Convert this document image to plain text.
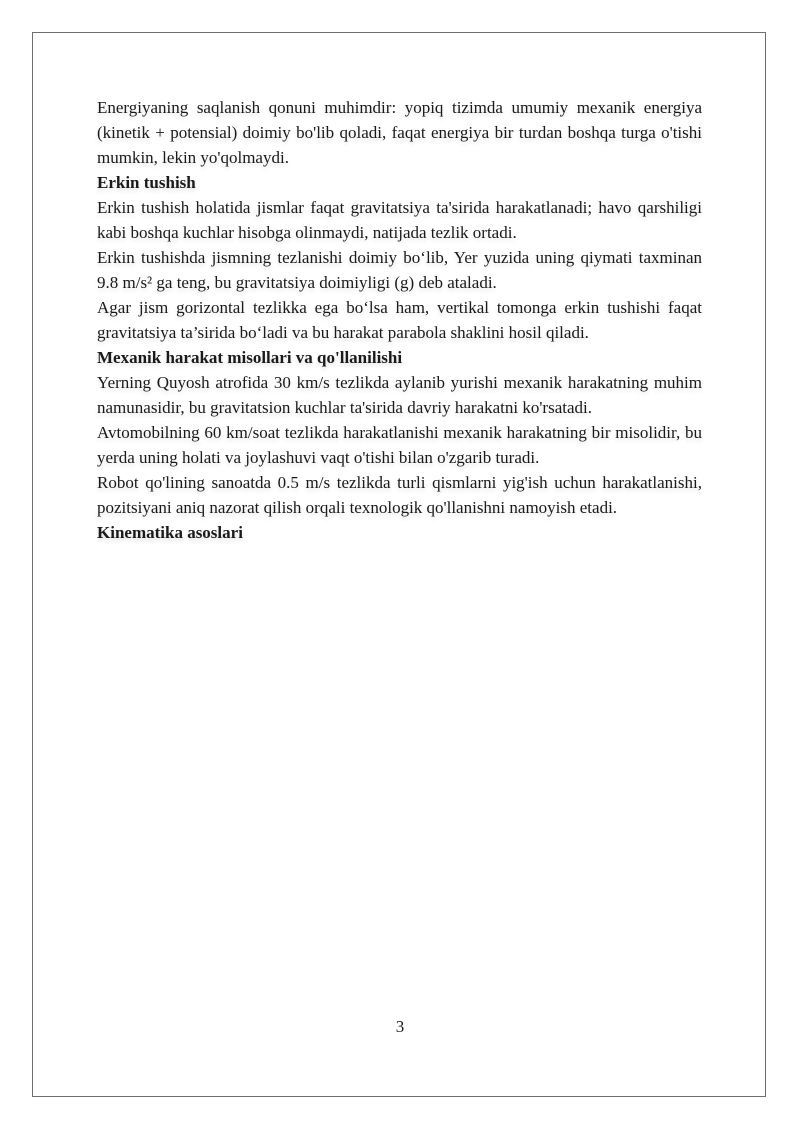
Energiyaning saqlanish qonuni muhimdir: yopiq tizimda umumiy mexanik energiya (kinetik + potensial) doimiy bo'lib qoladi, faqat energiya bir turdan boshqa turga o'tishi mumkin, lekin yo'qolmaydi.

Erkin tushish

Erkin tushish holatida jismlar faqat gravitatsiya ta'sirida harakatlanadi; havo qarshiligi kabi boshqa kuchlar hisobga olinmaydi, natijada tezlik ortadi.

Erkin tushishda jismning tezlanishi doimiy bo‘lib, Yer yuzida uning qiymati taxminan 9.8 m/s² ga teng, bu gravitatsiya doimiyligi (g) deb ataladi.

Agar jism gorizontal tezlikka ega bo‘lsa ham, vertikal tomonga erkin tushishi faqat gravitatsiya ta’sirida bo‘ladi va bu harakat parabola shaklini hosil qiladi.

Mexanik harakat misollari va qo'llanilishi

Yerning Quyosh atrofida 30 km/s tezlikda aylanib yurishi mexanik harakatning muhim namunasidir, bu gravitatsion kuchlar ta'sirida davriy harakatni ko'rsatadi.

Avtomobilning 60 km/soat tezlikda harakatlanishi mexanik harakatning bir misolidir, bu yerda uning holati va joylashuvi vaqt o'tishi bilan o'zgarib turadi.

Robot qo'lining sanoatda 0.5 m/s tezlikda turli qismlarni yig'ish uchun harakatlanishi, pozitsiyani aniq nazorat qilish orqali texnologik qo'llanishni namoyish etadi.

Kinematika asoslari
3
